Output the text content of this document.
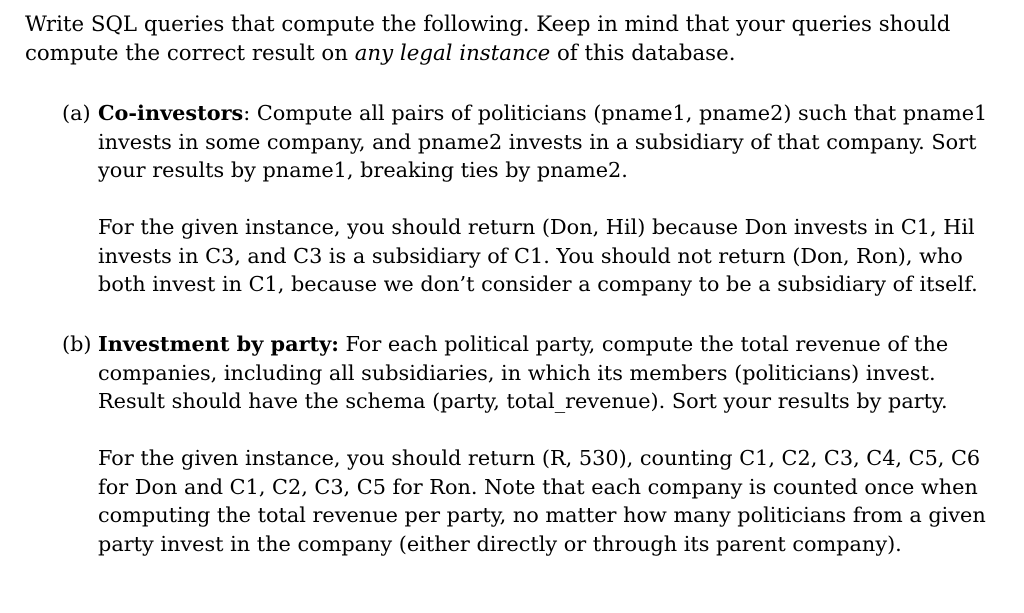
Write SQL queries that compute the following. Keep in mind that your queries should compute the correct result on any legal instance of this database.

(a) Co-investors: Compute all pairs of politicians (pname1, pname2) such that pname1 invests in some company, and pname2 invests in a subsidiary of that company. Sort your results by pname1, breaking ties by pname2.

For the given instance, you should return (Don, Hil) because Don invests in C1, Hil invests in C3, and C3 is a subsidiary of C1. You should not return (Don, Ron), who both invest in C1, because we don’t consider a company to be a subsidiary of itself.

(b) Investment by party: For each political party, compute the total revenue of the companies, including all subsidiaries, in which its members (politicians) invest. Result should have the schema (party, total_revenue). Sort your results by party.

For the given instance, you should return (R, 530), counting C1, C2, C3, C4, C5, C6 for Don and C1, C2, C3, C5 for Ron. Note that each company is counted once when computing the total revenue per party, no matter how many politicians from a given party invest in the company (either directly or through its parent company).
